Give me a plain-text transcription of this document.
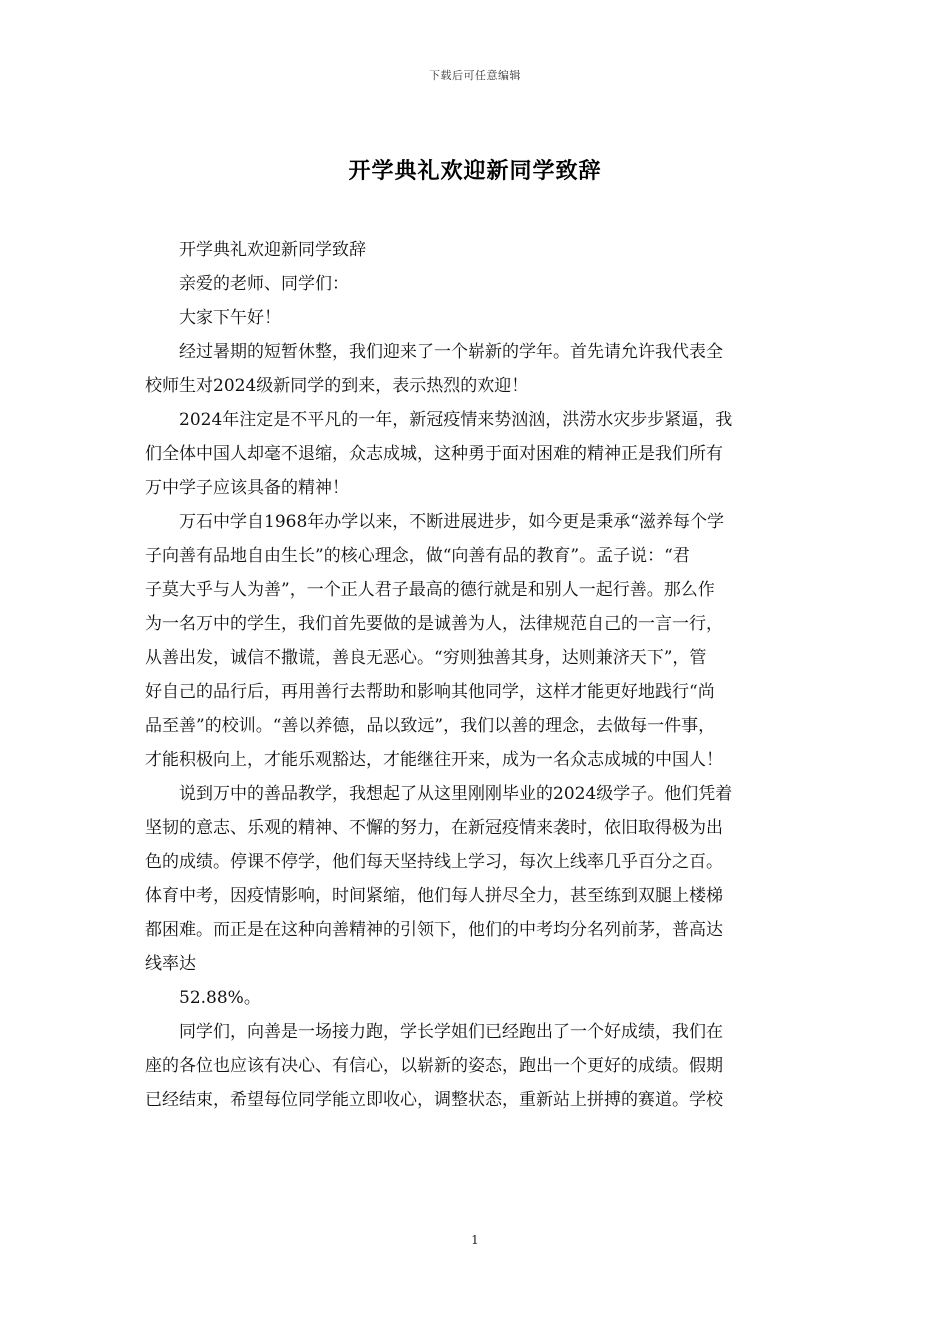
下载后可任意编辑
开学典礼欢迎新同学致辞

开学典礼欢迎新同学致辞

亲爱的老师、同学们：

大家下午好！

经过暑期的短暂休整，我们迎来了一个崭新的学年。首先请允许我代表全
校师生对2024级新同学的到来，表示热烈的欢迎！

2024年注定是不平凡的一年，新冠疫情来势汹汹，洪涝水灾步步紧逼，我
们全体中国人却毫不退缩，众志成城，这种勇于面对困难的精神正是我们所有
万中学子应该具备的精神！

万石中学自1968年办学以来，不断进展进步，如今更是秉承“滋养每个学
子向善有品地自由生长”的核心理念，做“向善有品的教育”。孟子说：“君
子莫大乎与人为善”，一个正人君子最高的德行就是和别人一起行善。那么作
为一名万中的学生，我们首先要做的是诚善为人，法律规范自己的一言一行，
从善出发，诚信不撒谎，善良无恶心。“穷则独善其身，达则兼济天下”，管
好自己的品行后，再用善行去帮助和影响其他同学，这样才能更好地践行“尚
品至善”的校训。“善以养德，品以致远”，我们以善的理念，去做每一件事，
才能积极向上，才能乐观豁达，才能继往开来，成为一名众志成城的中国人！

说到万中的善品教学，我想起了从这里刚刚毕业的2024级学子。他们凭着
坚韧的意志、乐观的精神、不懈的努力，在新冠疫情来袭时，依旧取得极为出
色的成绩。停课不停学，他们每天坚持线上学习，每次上线率几乎百分之百。
体育中考，因疫情影响，时间紧缩，他们每人拼尽全力，甚至练到双腿上楼梯
都困难。而正是在这种向善精神的引领下，他们的中考均分名列前茅，普高达
线率达

52.88%。

同学们，向善是一场接力跑，学长学姐们已经跑出了一个好成绩，我们在
座的各位也应该有决心、有信心，以崭新的姿态，跑出一个更好的成绩。假期
已经结束，希望每位同学能立即收心，调整状态，重新站上拼搏的赛道。学校

1
